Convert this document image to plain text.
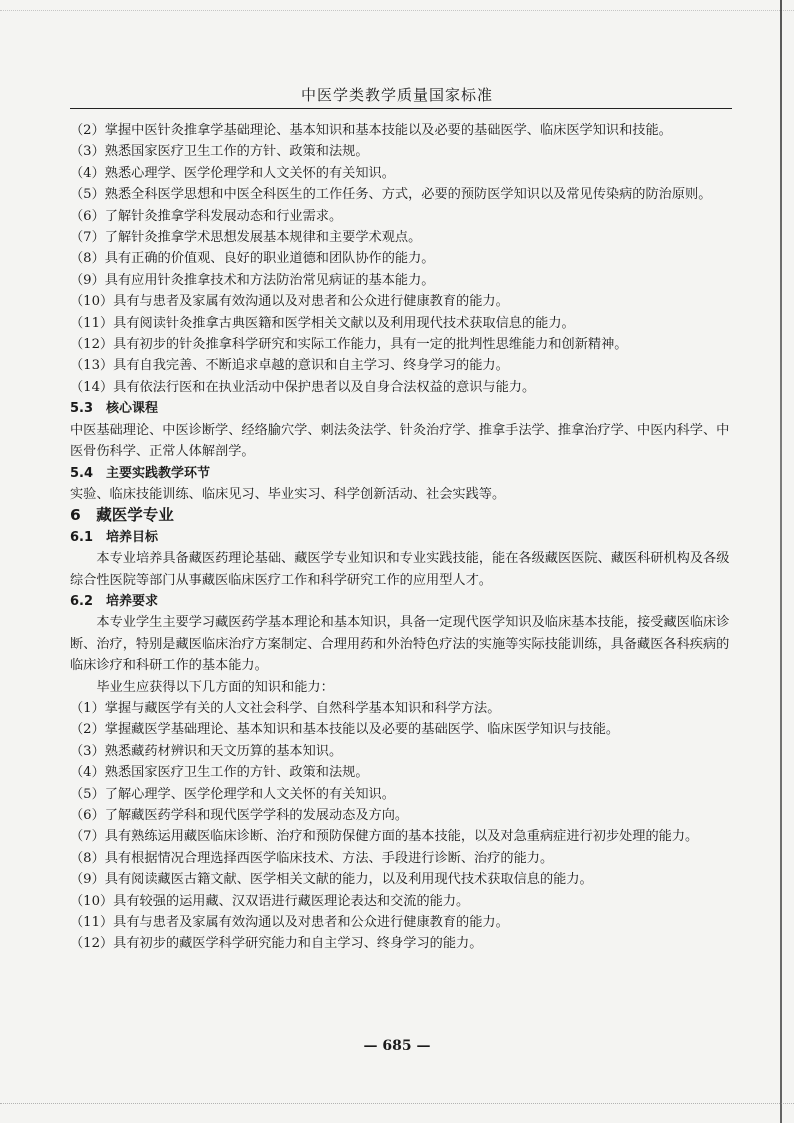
中医学类教学质量国家标准

（2）掌握中医针灸推拿学基础理论、基本知识和基本技能以及必要的基础医学、临床医学知识和技能。

（3）熟悉国家医疗卫生工作的方针、政策和法规。

（4）熟悉心理学、医学伦理学和人文关怀的有关知识。

（5）熟悉全科医学思想和中医全科医生的工作任务、方式，必要的预防医学知识以及常见传染病的防治原则。

（6）了解针灸推拿学科发展动态和行业需求。

（7）了解针灸推拿学术思想发展基本规律和主要学术观点。

（8）具有正确的价值观、良好的职业道德和团队协作的能力。

（9）具有应用针灸推拿技术和方法防治常见病证的基本能力。

（10）具有与患者及家属有效沟通以及对患者和公众进行健康教育的能力。

（11）具有阅读针灸推拿古典医籍和医学相关文献以及利用现代技术获取信息的能力。

（12）具有初步的针灸推拿科学研究和实际工作能力，具有一定的批判性思维能力和创新精神。

（13）具有自我完善、不断追求卓越的意识和自主学习、终身学习的能力。

（14）具有依法行医和在执业活动中保护患者以及自身合法权益的意识与能力。

5.3　核心课程

中医基础理论、中医诊断学、经络腧穴学、刺法灸法学、针灸治疗学、推拿手法学、推拿治疗学、中医内科学、中医骨伤科学、正常人体解剖学。

5.4　主要实践教学环节

实验、临床技能训练、临床见习、毕业实习、科学创新活动、社会实践等。

6　藏医学专业

6.1　培养目标

本专业培养具备藏医药理论基础、藏医学专业知识和专业实践技能，能在各级藏医医院、藏医科研机构及各级综合性医院等部门从事藏医临床医疗工作和科学研究工作的应用型人才。

6.2　培养要求

本专业学生主要学习藏医药学基本理论和基本知识，具备一定现代医学知识及临床基本技能，接受藏医临床诊断、治疗，特别是藏医临床治疗方案制定、合理用药和外治特色疗法的实施等实际技能训练，具备藏医各科疾病的临床诊疗和科研工作的基本能力。

毕业生应获得以下几方面的知识和能力：

（1）掌握与藏医学有关的人文社会科学、自然科学基本知识和科学方法。

（2）掌握藏医学基础理论、基本知识和基本技能以及必要的基础医学、临床医学知识与技能。

（3）熟悉藏药材辨识和天文历算的基本知识。

（4）熟悉国家医疗卫生工作的方针、政策和法规。

（5）了解心理学、医学伦理学和人文关怀的有关知识。

（6）了解藏医药学科和现代医学学科的发展动态及方向。

（7）具有熟练运用藏医临床诊断、治疗和预防保健方面的基本技能，以及对急重病症进行初步处理的能力。

（8）具有根据情况合理选择西医学临床技术、方法、手段进行诊断、治疗的能力。

（9）具有阅读藏医古籍文献、医学相关文献的能力，以及利用现代技术获取信息的能力。

（10）具有较强的运用藏、汉双语进行藏医理论表达和交流的能力。

（11）具有与患者及家属有效沟通以及对患者和公众进行健康教育的能力。

（12）具有初步的藏医学科学研究能力和自主学习、终身学习的能力。

— 685 —
